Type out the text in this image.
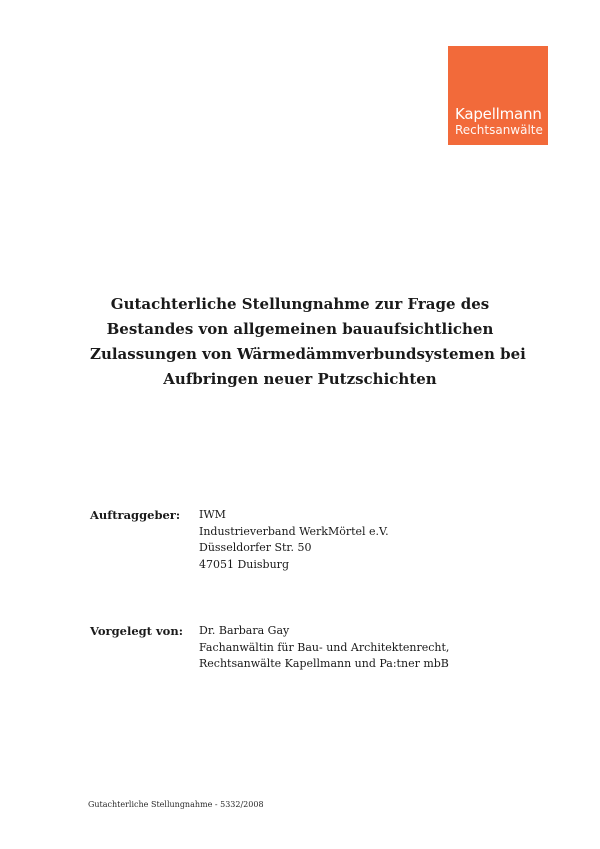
Kapellmann
Rechtsanwälte
Gutachterliche Stellungnahme zur Frage des
Bestandes von allgemeinen bauaufsichtlichen
Zulassungen von Wärmedämmverbundsystemen bei
Aufbringen neuer Putzschichten
Auftraggeber: IWM
Industrieverband WerkMörtel e.V.
Düsseldorfer Str. 50
47051 Duisburg
Vorgelegt von: Dr. Barbara Gay
Fachanwältin für Bau- und Architektenrecht,
Rechtsanwälte Kapellmann und Pa:tner mbB
Gutachterliche Stellungnahme - 5332/2008
